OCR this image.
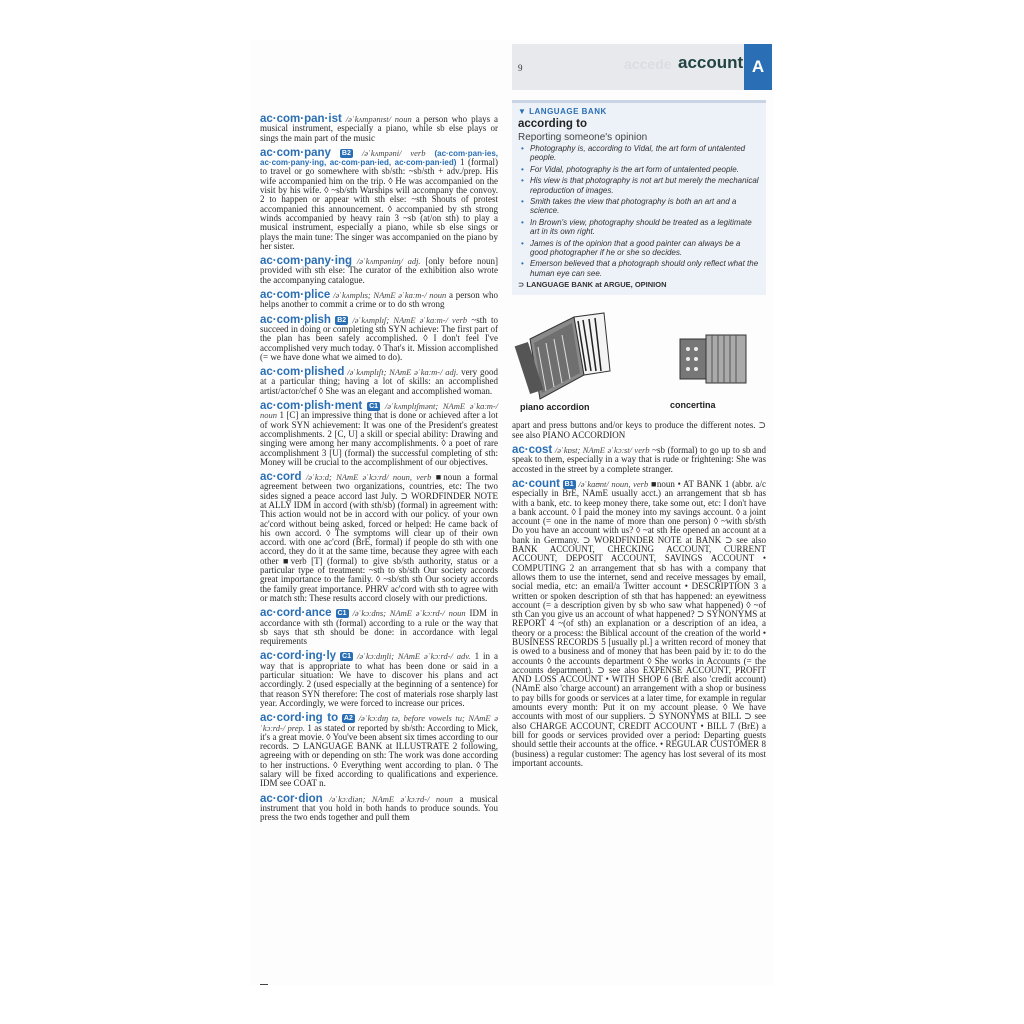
ac·com·pan·ist /əˈkʌmpənɪst/ noun a person who plays a musical instrument, especially a piano, while sb else plays or sings the main part of the music
ac·com·pany B2 /əˈkʌmpəni/ verb (ac·com·pan·ies, ac·com·pany·ing, ac·com·pan·ied, ac·com·pan·ied) 1 (formal) to travel or go somewhere with sb/sth: ~sb/sth + adv./prep. His wife accompanied him on the trip. ◊ He was accompanied on the visit by his wife. ◊ ~sb/sth Warships will accompany the convoy. 2 to happen or appear with sth else: ~sth Shouts of protest accompanied this announcement. ◊ accompanied by sth strong winds accompanied by heavy rain 3 ~sb (at/on sth) to play a musical instrument, especially a piano, while sb else sings or plays the main tune: The singer was accompanied on the piano by her sister.
ac·com·pany·ing /əˈkʌmpəniɪŋ/ adj. [only before noun] provided with sth else: The curator of the exhibition also wrote the accompanying catalogue.
ac·com·plice /əˈkʌmplɪs; NAmE əˈkɑːm-/ noun a person who helps another to commit a crime or to do sth wrong
ac·com·plish B2 /əˈkʌmplɪʃ; NAmE əˈkɑːm-/ verb ~sth to succeed in doing or completing sth SYN achieve: The first part of the plan has been safely accomplished. ◊ I don't feel I've accomplished very much today. ◊ That's it. Mission accomplished (= we have done what we aimed to do).
ac·com·plished /əˈkʌmplɪʃt; NAmE əˈkɑːm-/ adj. very good at a particular thing; having a lot of skills: an accomplished artist/actor/chef ◊ She was an elegant and accomplished woman.
ac·com·plish·ment C1 /əˈkʌmplɪʃmənt; NAmE əˈkɑːm-/ noun 1 [C] an impressive thing that is done or achieved after a lot of work SYN achievement: It was one of the President's greatest accomplishments. 2 [C, U] a skill or special ability: Drawing and singing were among her many accomplishments. ◊ a poet of rare accomplishment 3 [U] (formal) the successful completing of sth: Money will be crucial to the accomplishment of our objectives.
ac·cord /əˈkɔːd; NAmE əˈkɔːrd/ noun, verb ■noun a formal agreement between two organizations, countries, etc: The two sides signed a peace accord last July. ⊃ WORDFINDER NOTE at ALLY IDM in accord (with sth/sb) (formal) in agreement with: This action would not be in accord with our policy. of your own ac'cord without being asked, forced or helped: He came back of his own accord. ◊ The symptoms will clear up of their own accord. with one ac'cord (BrE, formal) if people do sth with one accord, they do it at the same time, because they agree with each other ■verb [T] (formal) to give sb/sth authority, status or a particular type of treatment: ~sth to sb/sth Our society accords great importance to the family. ◊ ~sb/sth sth Our society accords the family great importance. PHRV ac'cord with sth to agree with or match sth: These results accord closely with our predictions.
ac·cord·ance C1 /əˈkɔːdns; NAmE əˈkɔːrd-/ noun IDM in accordance with sth (formal) according to a rule or the way that sb says that sth should be done: in accordance with legal requirements
ac·cord·ing·ly C1 /əˈkɔːdɪŋli; NAmE əˈkɔːrd-/ adv. 1 in a way that is appropriate to what has been done or said in a particular situation: We have to discover his plans and act accordingly. 2 (used especially at the beginning of a sentence) for that reason SYN therefore: The cost of materials rose sharply last year. Accordingly, we were forced to increase our prices.
ac·cord·ing to A2 /əˈkɔːdɪŋ tə, before vowels tu; NAmE əˈkɔːrd-/ prep. 1 as stated or reported by sb/sth: According to Mick, it's a great movie. ◊ You've been absent six times according to our records. ⊃ LANGUAGE BANK at ILLUSTRATE 2 following, agreeing with or depending on sth: The work was done according to her instructions. ◊ Everything went according to plan. ◊ The salary will be fixed according to qualifications and experience. IDM see COAT n.
ac·cor·dion /əˈkɔːdiən; NAmE əˈkɔːrd-/ noun a musical instrument that you hold in both hands to produce sounds. You press the two ends together and pull them
9	accede account A
▼ LANGUAGE BANK
according to
Reporting someone's opinion
• Photography is, according to Vidal, the art form of untalented people.
• For Vidal, photography is the art form of untalented people.
• His view is that photography is not art but merely the mechanical reproduction of images.
• Smith takes the view that photography is both an art and a science.
• In Brown's view, photography should be treated as a legitimate art in its own right.
• James is of the opinion that a good painter can always be a good photographer if he or she so decides.
• Emerson believed that a photograph should only reflect what the human eye can see.
⊃ LANGUAGE BANK at ARGUE, OPINION
piano accordion	concertina
apart and press buttons and/or keys to produce the different notes. ⊃ see also PIANO ACCORDION
ac·cost /əˈkɒst; NAmE əˈkɔːst/ verb ~sb (formal) to go up to sb and speak to them, especially in a way that is rude or frightening: She was accosted in the street by a complete stranger.
ac·count B1 /əˈkaʊnt/ noun, verb ■noun • AT BANK 1 (abbr. a/c especially in BrE, NAmE usually acct.) an arrangement that sb has with a bank, etc. to keep money there, take some out, etc: I don't have a bank account. ◊ I paid the money into my savings account. ◊ a joint account (= one in the name of more than one person) ◊ ~with sb/sth Do you have an account with us? ◊ ~at sth He opened an account at a bank in Germany. ⊃ WORDFINDER NOTE at BANK ⊃ see also BANK ACCOUNT, CHECKING ACCOUNT, CURRENT ACCOUNT, DEPOSIT ACCOUNT, SAVINGS ACCOUNT • COMPUTING 2 an arrangement that sb has with a company that allows them to use the internet, send and receive messages by email, social media, etc: an email/a Twitter account • DESCRIPTION 3 a written or spoken description of sth that has happened: an eyewitness account (= a description given by sb who saw what happened) ◊ ~of sth Can you give us an account of what happened? ⊃ SYNONYMS at REPORT 4 ~(of sth) an explanation or a description of an idea, a theory or a process: the Biblical account of the creation of the world • BUSINESS RECORDS 5 [usually pl.] a written record of money that is owed to a business and of money that has been paid by it: to do the accounts ◊ the accounts department ◊ She works in Accounts (= the accounts department). ⊃ see also EXPENSE ACCOUNT, PROFIT AND LOSS ACCOUNT • WITH SHOP 6 (BrE also 'credit account) (NAmE also 'charge account) an arrangement with a shop or business to pay bills for goods or services at a later time, for example in regular amounts every month: Put it on my account please. ◊ We have accounts with most of our suppliers. ⊃ SYNONYMS at BILL ⊃ see also CHARGE ACCOUNT, CREDIT ACCOUNT • BILL 7 (BrE) a bill for goods or services provided over a period: Departing guests should settle their accounts at the office. • REGULAR CUSTOMER 8 (business) a regular customer: The agency has lost several of its most important accounts.
